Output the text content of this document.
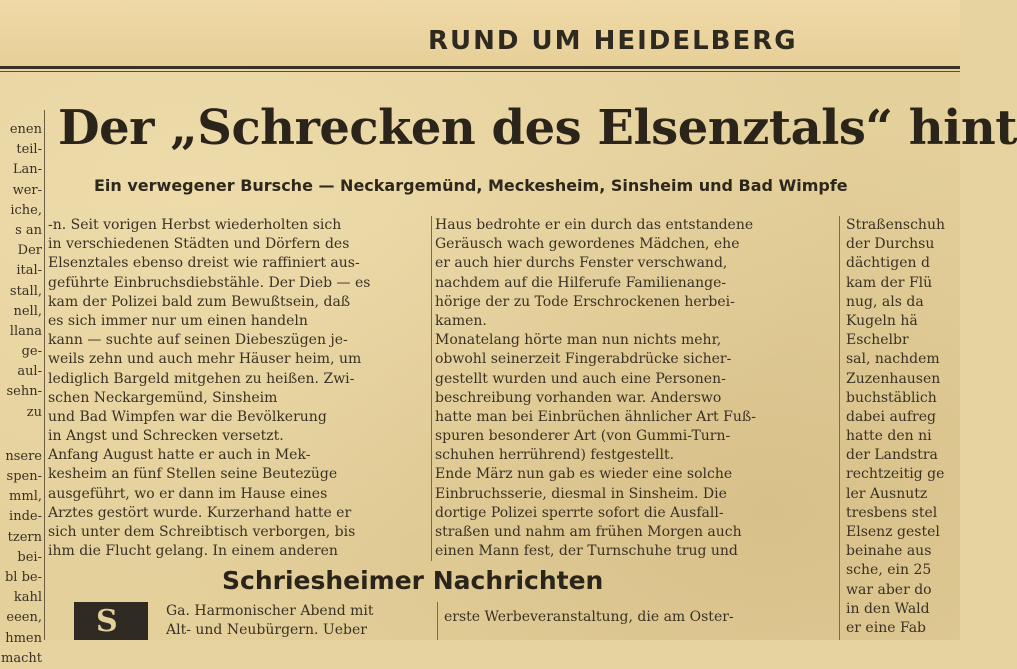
RUND UM HEIDELBERG
enen
teil-
Lan-
wer-
iche,
s an
Der
ital-
stall,
nell,
llana
ge-
aul-
sehn-
zu
nsere
spen-
mml,
inde-
tzern
bei-
bl be-
kahl
eeen,
hmen
macht
Der „Schrecken des Elsenztals“ hint
Ein verwegener Bursche — Neckargemünd, Meckesheim, Sinsheim und Bad Wimpfe
-n. Seit vorigen Herbst wiederholten sich
in verschiedenen Städten und Dörfern des
Elsenztales ebenso dreist wie raffiniert aus-
geführte Einbruchsdiebstähle. Der Dieb — es
kam der Polizei bald zum Bewußtsein, daß
es sich immer nur um einen handeln
kann — suchte auf seinen Diebeszügen je-
weils zehn und auch mehr Häuser heim, um
lediglich Bargeld mitgehen zu heißen. Zwi-
schen Neckargemünd, Sinsheim
und Bad Wimpfen war die Bevölkerung
in Angst und Schrecken versetzt.
Anfang August hatte er auch in Mek-
kesheim an fünf Stellen seine Beutezüge
ausgeführt, wo er dann im Hause eines
Arztes gestört wurde. Kurzerhand hatte er
sich unter dem Schreibtisch verborgen, bis
ihm die Flucht gelang. In einem anderen
Haus bedrohte er ein durch das entstandene
Geräusch wach gewordenes Mädchen, ehe
er auch hier durchs Fenster verschwand,
nachdem auf die Hilferufe Familienange-
hörige der zu Tode Erschrockenen herbei-
kamen.
Monatelang hörte man nun nichts mehr,
obwohl seinerzeit Fingerabdrücke sicher-
gestellt wurden und auch eine Personen-
beschreibung vorhanden war. Anderswo
hatte man bei Einbrüchen ähnlicher Art Fuß-
spuren besonderer Art (von Gummi-Turn-
schuhen herrührend) festgestellt.
Ende März nun gab es wieder eine solche
Einbruchsserie, diesmal in Sinsheim. Die
dortige Polizei sperrte sofort die Ausfall-
straßen und nahm am frühen Morgen auch
einen Mann fest, der Turnschuhe trug und
Straßenschuh
der Durchsu
dächtigen d
kam der Flü
nug, als da
Kugeln hä
Eschelbr
sal, nachdem
Zuzenhausen
buchstäblich
dabei aufreg
hatte den ni
der Landstra
rechtzeitig ge
ler Ausnutz
tresbens stel
Elsenz gestel
beinahe aus
sche, ein 25
war aber do
in den Wald
er eine Fab
Schriesheimer Nachrichten
S	Ga. Harmonischer Abend mit
Alt- und Neubürgern. Ueber
erste Werbeveranstaltung, die am Oster-
